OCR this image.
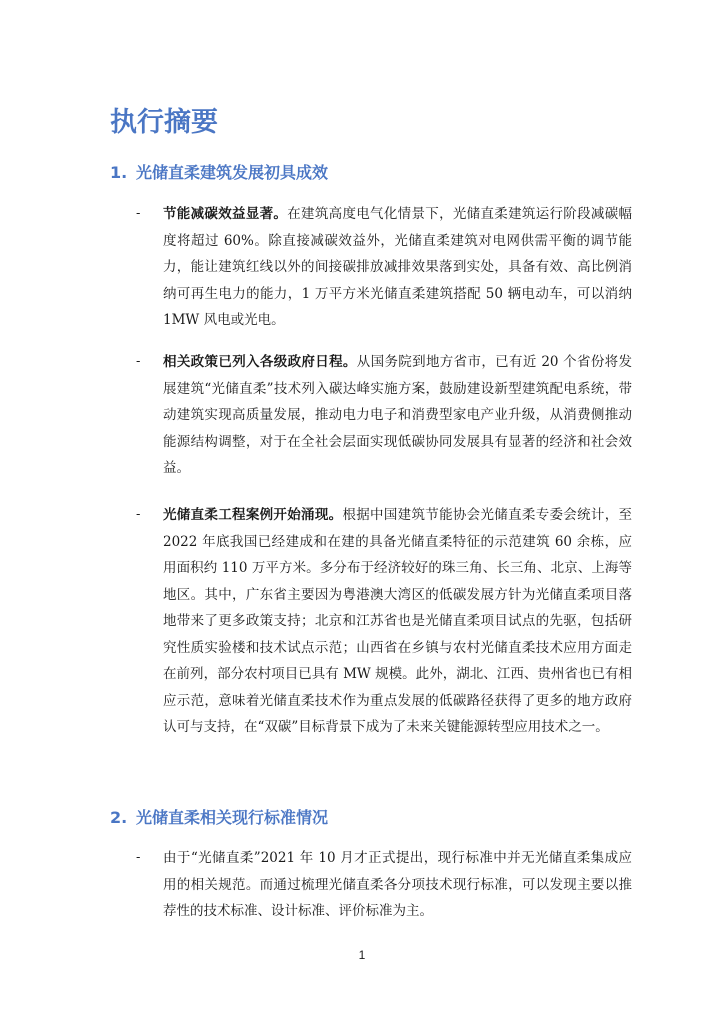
执行摘要
1. 光储直柔建筑发展初具成效
- 节能减碳效益显著。在建筑高度电气化情景下，光储直柔建筑运行阶段减碳幅度将超过 60%。除直接减碳效益外，光储直柔建筑对电网供需平衡的调节能力，能让建筑红线以外的间接碳排放减排效果落到实处，具备有效、高比例消纳可再生电力的能力，1 万平方米光储直柔建筑搭配 50 辆电动车，可以消纳 1MW 风电或光电。
- 相关政策已列入各级政府日程。从国务院到地方省市，已有近 20 个省份将发展建筑“光储直柔”技术列入碳达峰实施方案，鼓励建设新型建筑配电系统，带动建筑实现高质量发展，推动电力电子和消费型家电产业升级，从消费侧推动能源结构调整，对于在全社会层面实现低碳协同发展具有显著的经济和社会效益。
- 光储直柔工程案例开始涌现。根据中国建筑节能协会光储直柔专委会统计，至 2022 年底我国已经建成和在建的具备光储直柔特征的示范建筑 60 余栋，应用面积约 110 万平方米。多分布于经济较好的珠三角、长三角、北京、上海等地区。其中，广东省主要因为粤港澳大湾区的低碳发展方针为光储直柔项目落地带来了更多政策支持；北京和江苏省也是光储直柔项目试点的先驱，包括研究性质实验楼和技术试点示范；山西省在乡镇与农村光储直柔技术应用方面走在前列，部分农村项目已具有 MW 规模。此外，湖北、江西、贵州省也已有相应示范，意味着光储直柔技术作为重点发展的低碳路径获得了更多的地方政府认可与支持，在“双碳”目标背景下成为了未来关键能源转型应用技术之一。
2. 光储直柔相关现行标准情况
- 由于“光储直柔”2021 年 10 月才正式提出，现行标准中并无光储直柔集成应用的相关规范。而通过梳理光储直柔各分项技术现行标准，可以发现主要以推荐性的技术标准、设计标准、评价标准为主。
1
